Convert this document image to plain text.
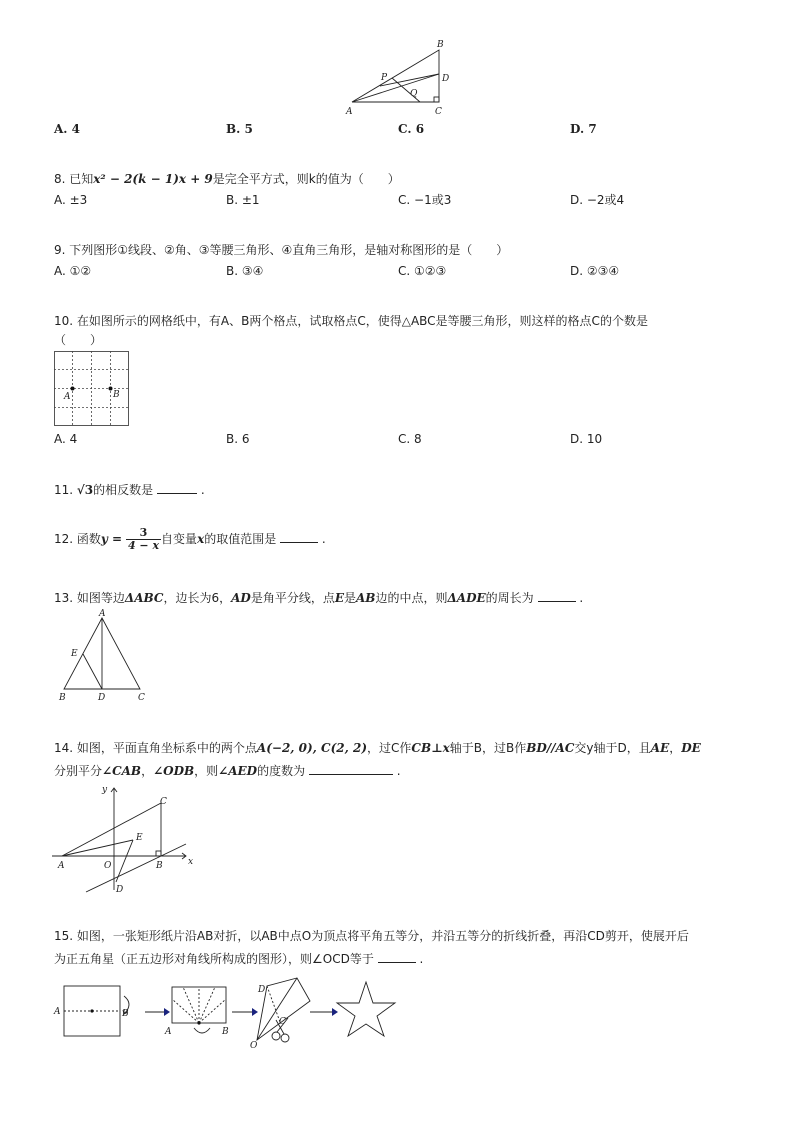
B
D
P
Q
A	C
A. 4	B. 5	C. 6	D. 7
8. 已知x² − 2(k − 1)x + 9是完全平方式，则k的值为（　　）
A. ±3	B. ±1	C. −1或3	D. −2或4
9. 下列图形①线段、②角、③等腰三角形、④直角三角形，是轴对称图形的是（　　）
A. ①②	B. ③④	C. ①②③	D. ②③④
10. 在如图所示的网格纸中，有A、B两个格点，试取格点C，使得△ABC是等腰三角形，则这样的格点C的个数是
（　　）
A	B
A. 4	B. 6	C. 8	D. 10
11. √3的相反数是	.
12. 函数$y = \frac{3}{4 - x}$ 自变量x的取值范围是	.
13. 如图等边ΔABC，边长为6，AD是角平分线，点E是AB边的中点，则ΔADE的周长为	.
A
E
B	D	C
14. 如图，平面直角坐标系中的两个点A(−2, 0), C(2, 2)，过C作CB⊥x轴于B，过B作BD//AC交y轴于D，且AE，DE
分别平分∠CAB，∠ODB，则∠AED的度数为	.
y
x
A	O	B
C
E
D
15. 如图，一张矩形纸片沿AB对折，以AB中点O为顶点将平角五等分，并沿五等分的折线折叠，再沿CD剪开，使展开后
为正五角星（正五边形对角线所构成的图形），则∠OCD等于	.
A	B
A	B
D
C
O
